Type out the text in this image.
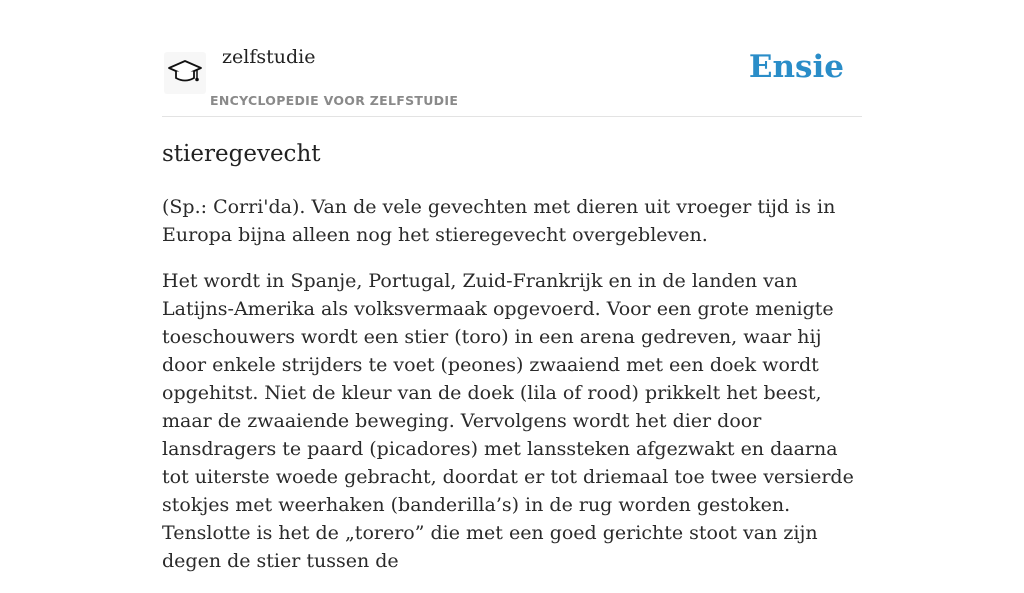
zelfstudie
ENCYCLOPEDIE VOOR ZELFSTUDIE
Ensie
stieregevecht

(Sp.: Corri'da). Van de vele gevechten met dieren uit vroeger tijd is in Europa bijna alleen nog het stieregevecht overgebleven.

Het wordt in Spanje, Portugal, Zuid-Frankrijk en in de landen van Latijns-Amerika als volksvermaak opgevoerd. Voor een grote menigte toeschouwers wordt een stier (toro) in een arena gedreven, waar hij door enkele strijders te voet (peones) zwaaiend met een doek wordt opgehitst. Niet de kleur van de doek (lila of rood) prikkelt het beest, maar de zwaaiende beweging. Vervolgens wordt het dier door lansdragers te paard (picadores) met lanssteken afgezwakt en daarna tot uiterste woede gebracht, doordat er tot driemaal toe twee versierde stokjes met weerhaken (banderilla’s) in de rug worden gestoken. Tenslotte is het de „torero” die met een goed gerichte stoot van zijn degen de stier tussen de
